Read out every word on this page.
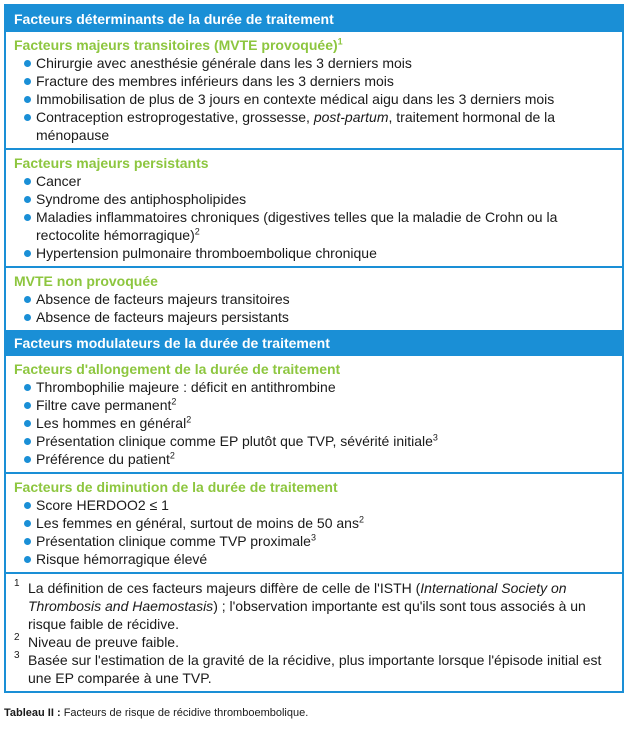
Facteurs déterminants de la durée de traitement
Facteurs majeurs transitoires (MVTE provoquée)$^1$
Chirurgie avec anesthésie générale dans les 3 derniers mois
Fracture des membres inférieurs dans les 3 derniers mois
Immobilisation de plus de 3 jours en contexte médical aigu dans les 3 derniers mois
Contraception estroprogestative, grossesse, post-partum, traitement hormonal de la ménopause
Facteurs majeurs persistants
Cancer
Syndrome des antiphospholipides
Maladies inflammatoires chroniques (digestives telles que la maladie de Crohn ou la rectocolite hémorragique)$^2$
Hypertension pulmonaire thromboembolique chronique
MVTE non provoquée
Absence de facteurs majeurs transitoires
Absence de facteurs majeurs persistants
Facteurs modulateurs de la durée de traitement
Facteurs d'allongement de la durée de traitement
Thrombophilie majeure : déficit en antithrombine
Filtre cave permanent$^2$
Les hommes en général$^2$
Présentation clinique comme EP plutôt que TVP, sévérité initiale$^3$
Préférence du patient$^2$
Facteurs de diminution de la durée de traitement
Score HERDOO2 ≤ 1
Les femmes en général, surtout de moins de 50 ans$^2$
Présentation clinique comme TVP proximale$^3$
Risque hémorragique élevé
1 La définition de ces facteurs majeurs diffère de celle de l'ISTH (International Society on Thrombosis and Haemostasis) ; l'observation importante est qu'ils sont tous associés à un risque faible de récidive.
2 Niveau de preuve faible.
3 Basée sur l'estimation de la gravité de la récidive, plus importante lorsque l'épisode initial est une EP comparée à une TVP.
Tableau II : Facteurs de risque de récidive thromboembolique.
